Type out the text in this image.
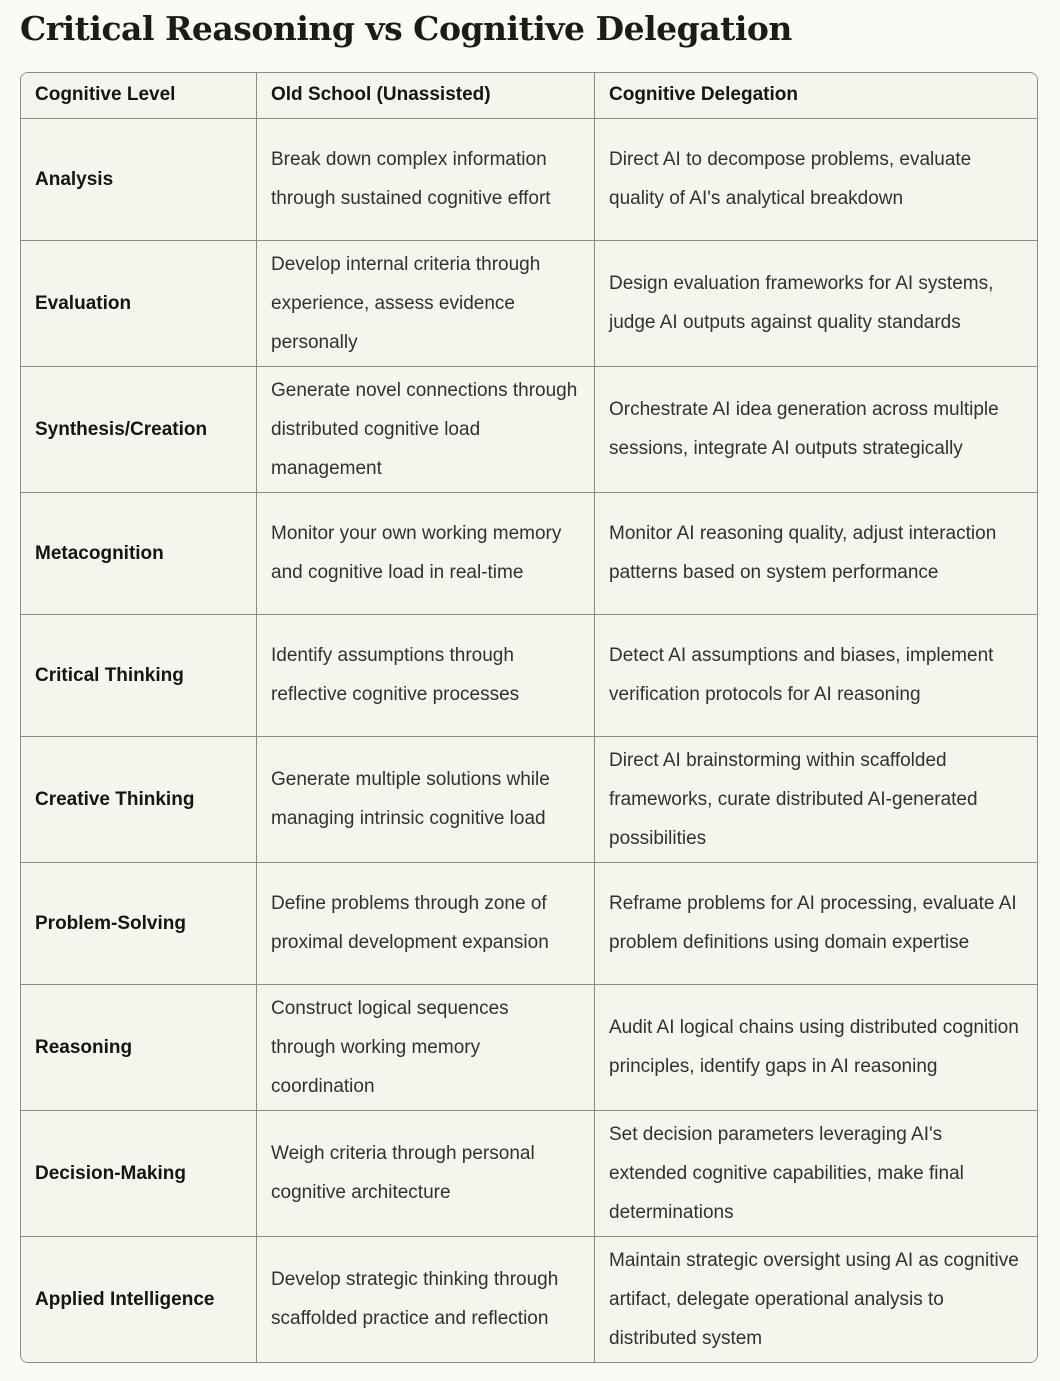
Critical Reasoning vs Cognitive Delegation
Cognitive Level	Old School (Unassisted)	Cognitive Delegation
Analysis	Break down complex information through sustained cognitive effort	Direct AI to decompose problems, evaluate quality of AI's analytical breakdown
Evaluation	Develop internal criteria through experience, assess evidence personally	Design evaluation frameworks for AI systems, judge AI outputs against quality standards
Synthesis/Creation	Generate novel connections through distributed cognitive load management	Orchestrate AI idea generation across multiple sessions, integrate AI outputs strategically
Metacognition	Monitor your own working memory and cognitive load in real-time	Monitor AI reasoning quality, adjust interaction patterns based on system performance
Critical Thinking	Identify assumptions through reflective cognitive processes	Detect AI assumptions and biases, implement verification protocols for AI reasoning
Creative Thinking	Generate multiple solutions while managing intrinsic cognitive load	Direct AI brainstorming within scaffolded frameworks, curate distributed AI-generated possibilities
Problem-Solving	Define problems through zone of proximal development expansion	Reframe problems for AI processing, evaluate AI problem definitions using domain expertise
Reasoning	Construct logical sequences through working memory coordination	Audit AI logical chains using distributed cognition principles, identify gaps in AI reasoning
Decision-Making	Weigh criteria through personal cognitive architecture	Set decision parameters leveraging AI's extended cognitive capabilities, make final determinations
Applied Intelligence	Develop strategic thinking through scaffolded practice and reflection	Maintain strategic oversight using AI as cognitive artifact, delegate operational analysis to distributed system
